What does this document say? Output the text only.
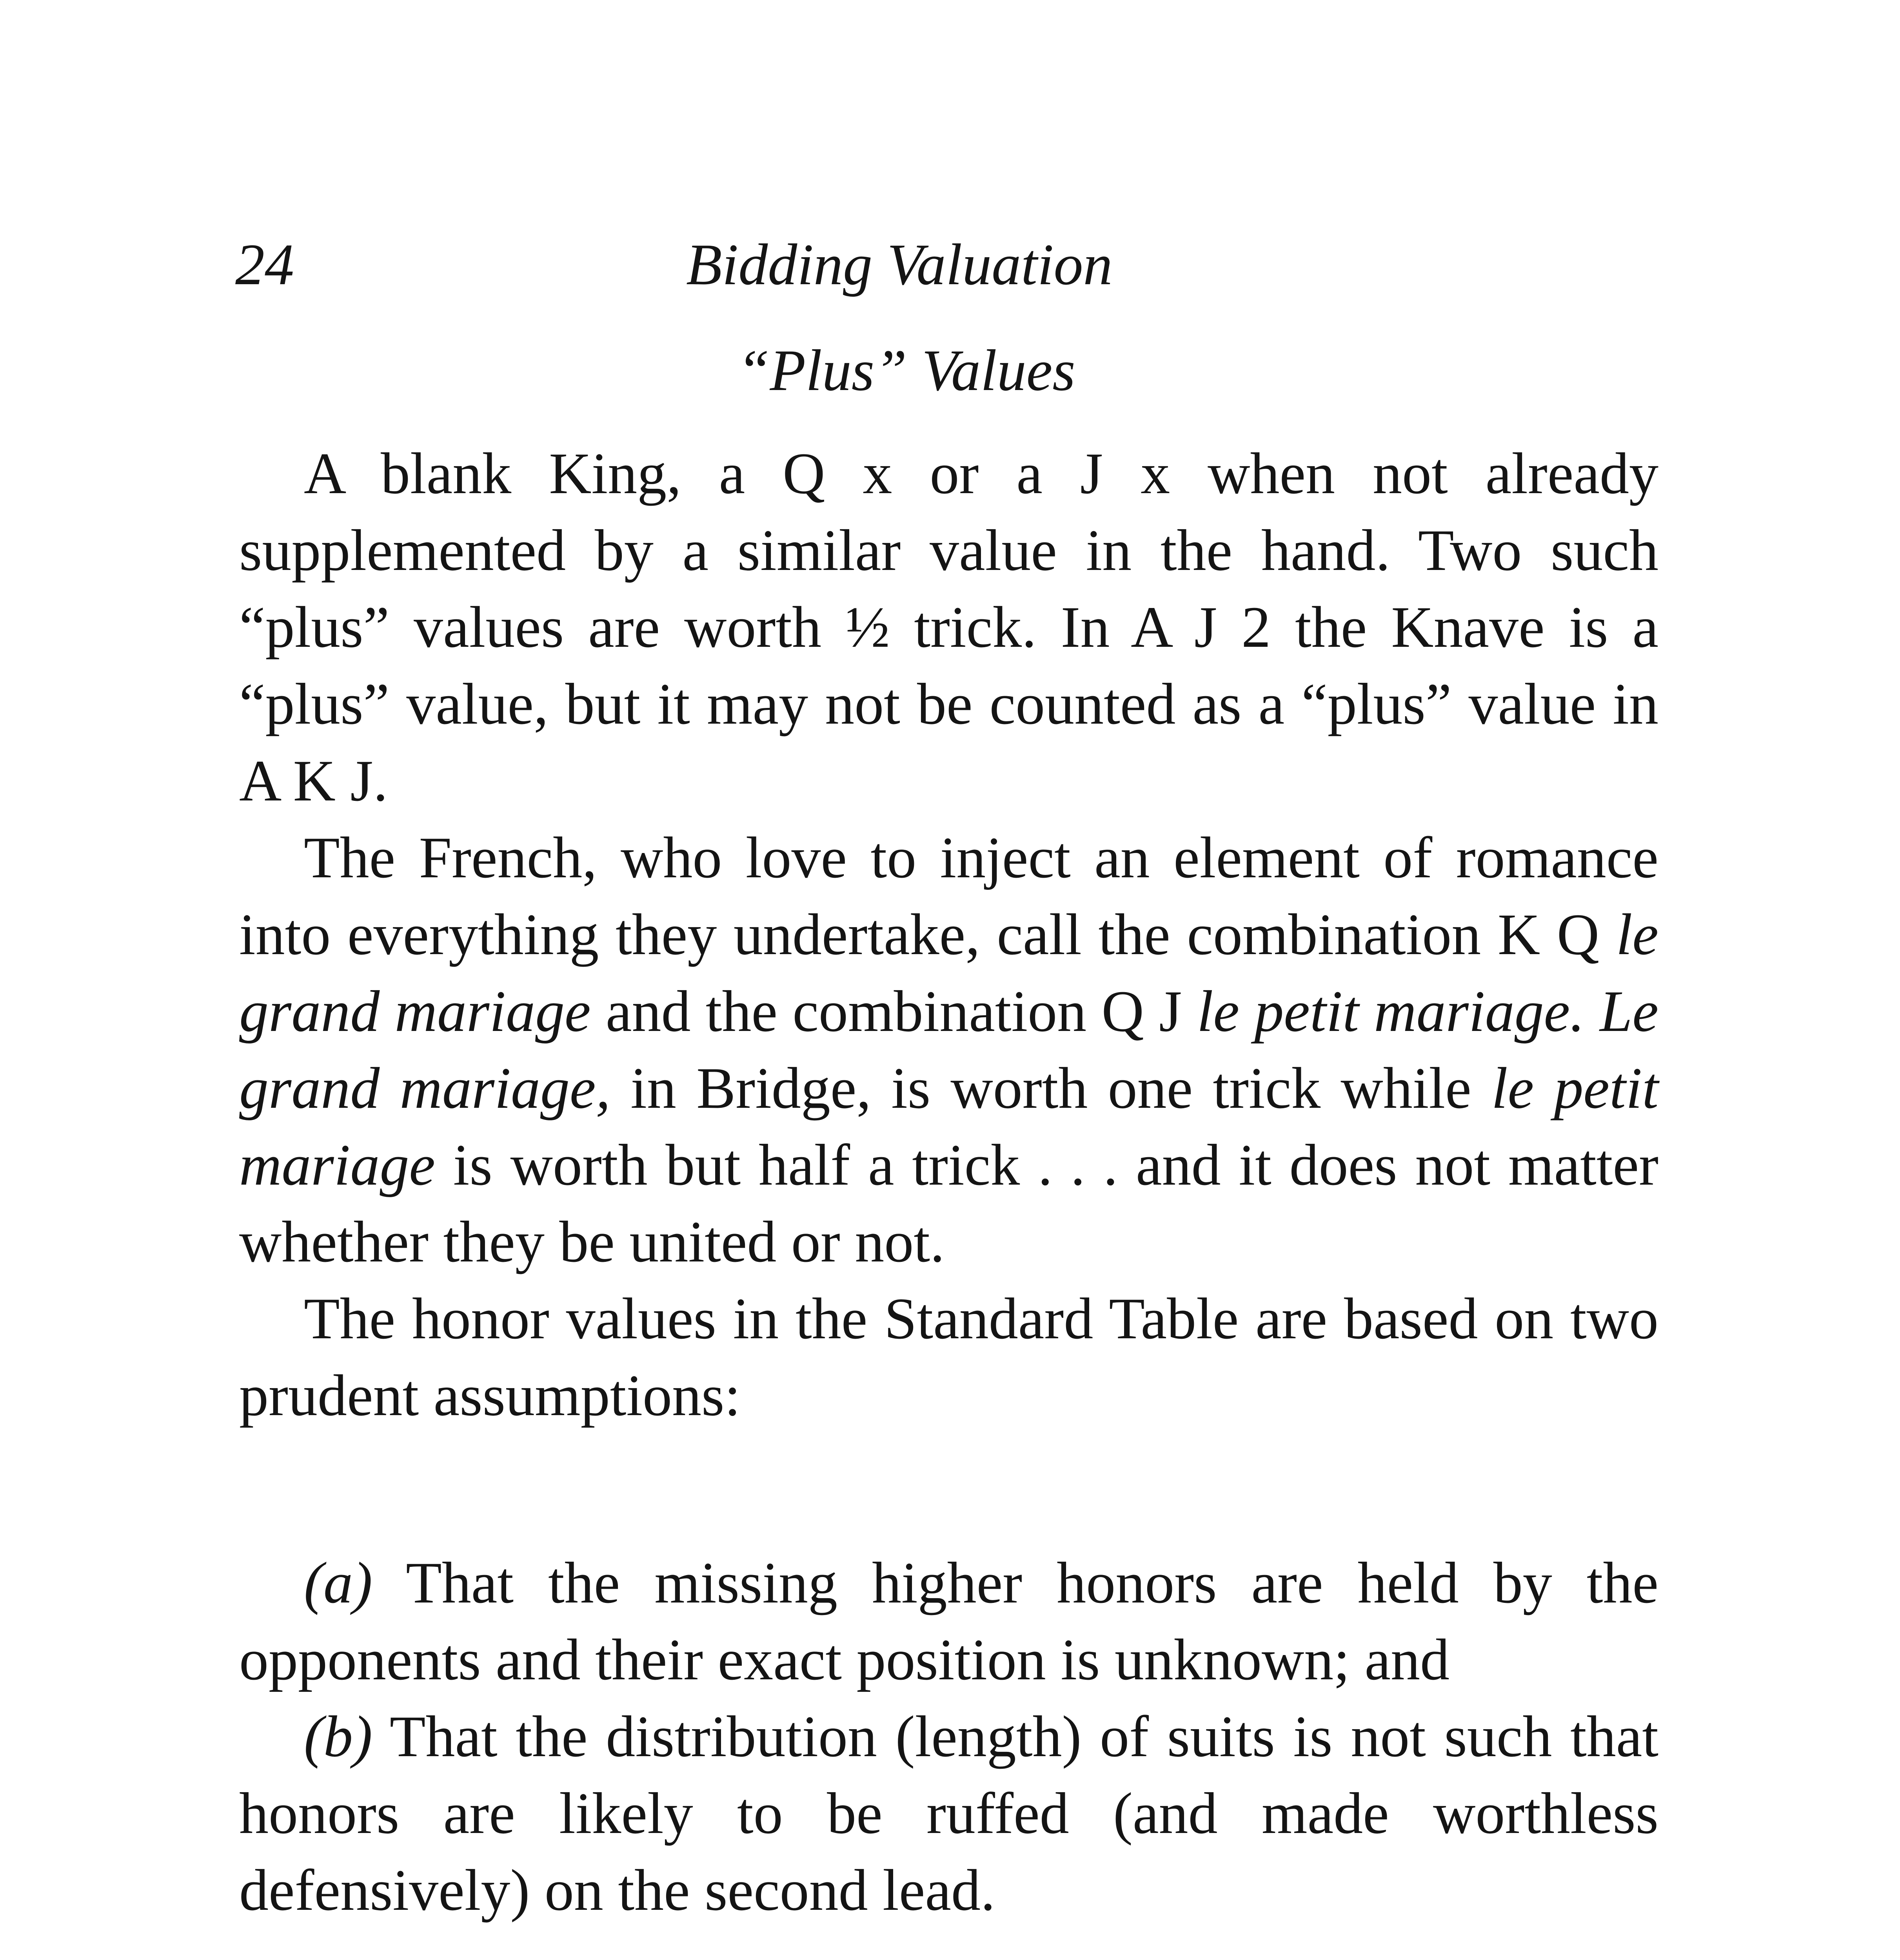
24	Bidding Valuation
“Plus” Values

A blank King, a Q x or a J x when not already supplemented by a similar value in the hand. Two such “plus” values are worth ½ trick. In A J 2 the Knave is a “plus” value, but it may not be counted as a “plus” value in A K J.

The French, who love to inject an element of romance into everything they undertake, call the combination K Q le grand mariage and the combination Q J le petit mariage. Le grand mariage, in Bridge, is worth one trick while le petit mariage is worth but half a trick . . . and it does not matter whether they be united or not.

The honor values in the Standard Table are based on two prudent assumptions:

(a) That the missing higher honors are held by the opponents and their exact position is unknown; and

(b) That the distribution (length) of suits is not such that honors are likely to be ruffed (and made worthless defensively) on the second lead.
